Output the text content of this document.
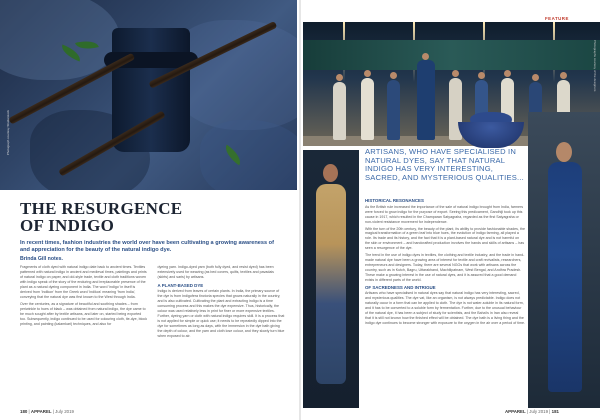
Photograph courtesy Shutterstock
THE RESURGENCE
OF INDIGO
In recent times, fashion industries the world over have been cultivating a growing awareness of and appreciation for the beauty of the natural indigo dye.
Brinda Gill notes.

Fragments of cloth dyed with natural indigo date back to ancient times. Textiles patterned with natural indigo in ancient and medieval times, paintings and prints of natural indigo on paper, and old-style trade, textile and cloth traditions woven with indigo speak of the story of the enduring and irreplaceable presence of the plant as a natural dyeing component in India. The word 'indigo' in itself is derived from 'Indikon' from the Greek word 'indikos' meaning 'from India', conveying that the natural dye was first known to the West through India.

Over the centuries, as a signature of beautiful and soothing shades – from periwinkle to hues of black – was obtained from natural indigo, the dye came to be much sought after by textile artisans, and later on, started being exported too. Subsequently, indigo continued to be used for colouring cloth, tie-dye, block printing, and painting (kalamkari) techniques, and also for

dyeing yarn. Indigo-dyed yarn (both fully dyed, and resist dyed) has been extensively used for weaving (as bed covers, quilts, textiles and pavadais (skirts) and saris) by artisans.

A PLANT-BASED DYE

Indigo is derived from leaves of certain plants. In India, the primary source of the dye is from Indigofera tinctoria species that grows naturally in the country, and is also cultivated. Cultivating the plant and extracting indigo is a time consuming process and this makes the dye expensive. Thus, historically, the colour was used relatively less in print for finer or more expensive textiles. Further, dyeing yarn or cloth with natural indigo requires skill. It is a process that is not applied for simple or quick use; it needs to be repeatedly dipped into the dye for sometimes as long as days, with the immersion in the dye bath giving the depth of colour, and the yarn and cloth lose colour, and they slowly turn blue when exposed to air.

180 | APPAREL | July 2019
FEATURE
Photographs courtesy of the designers
ARTISANS, WHO HAVE SPECIALISED IN NATURAL DYES, SAY THAT NATURAL INDIGO HAS VERY INTERESTING, SACRED, AND MYSTERIOUS QUALITIES...
HISTORICAL RESONANCES

As the British rule increased the importance of the sale of natural indigo brought from India, farmers were forced to grow indigo for the purpose of export. Seeing this predicament, Gandhiji took up this cause in 1917, which resulted in the Champaran Satyagraha, regarded as the first Satyagraha or non-violent resistance movement for independence.

With the turn of the 20th century, the beauty of the plant, its ability to provide fashionable shades, the magical transformation of a green leaf into blue hues, the evolution of indigo farming, all played a role. Its trade and its history, and the fact that it is a plant-based natural dye and is not harmful on the skin or environment – and handcrafted production involves the hands and skills of artisans – has seen a resurgence of the dye.

The trend in the use of indigo dyes in textiles, the clothing and textile industry, and the trade in hand-made natural dye have been a growing area of interest for textile and craft revivalists, researchers, entrepreneurs and designers. Today, there are several NGOs that work with artisans across the country, such as in Kutch, Bagru, Uttarakhand, Machilipatnam, West Bengal, and Andhra Pradesh. These make a growing interest in the use of natural dyes, and it is assured that a good demand exists in different parts of the world.

OF SACREDNESS AND INTRIGUE

Artisans who have specialised in natural dyes say that natural indigo has very interesting, sacred, and mysterious qualities. The dye vat, like an organism, is not always predictable. Indigo does not naturally occur in a form that can be applied to cloth. The dye is not water-soluble in its natural form, and it has to be converted to a soluble form by fermentation. Further, due to the unusual behaviour of the natural dye, it has been a subject of study for scientists, and the Baha'is in Iran also reveal that it is still not known how the finished effect will be obtained. The dye bath is a living thing and the indigo dye continues to become stronger with exposure to the oxygen in the air over a period of time.

APPAREL | July 2019 | 181
